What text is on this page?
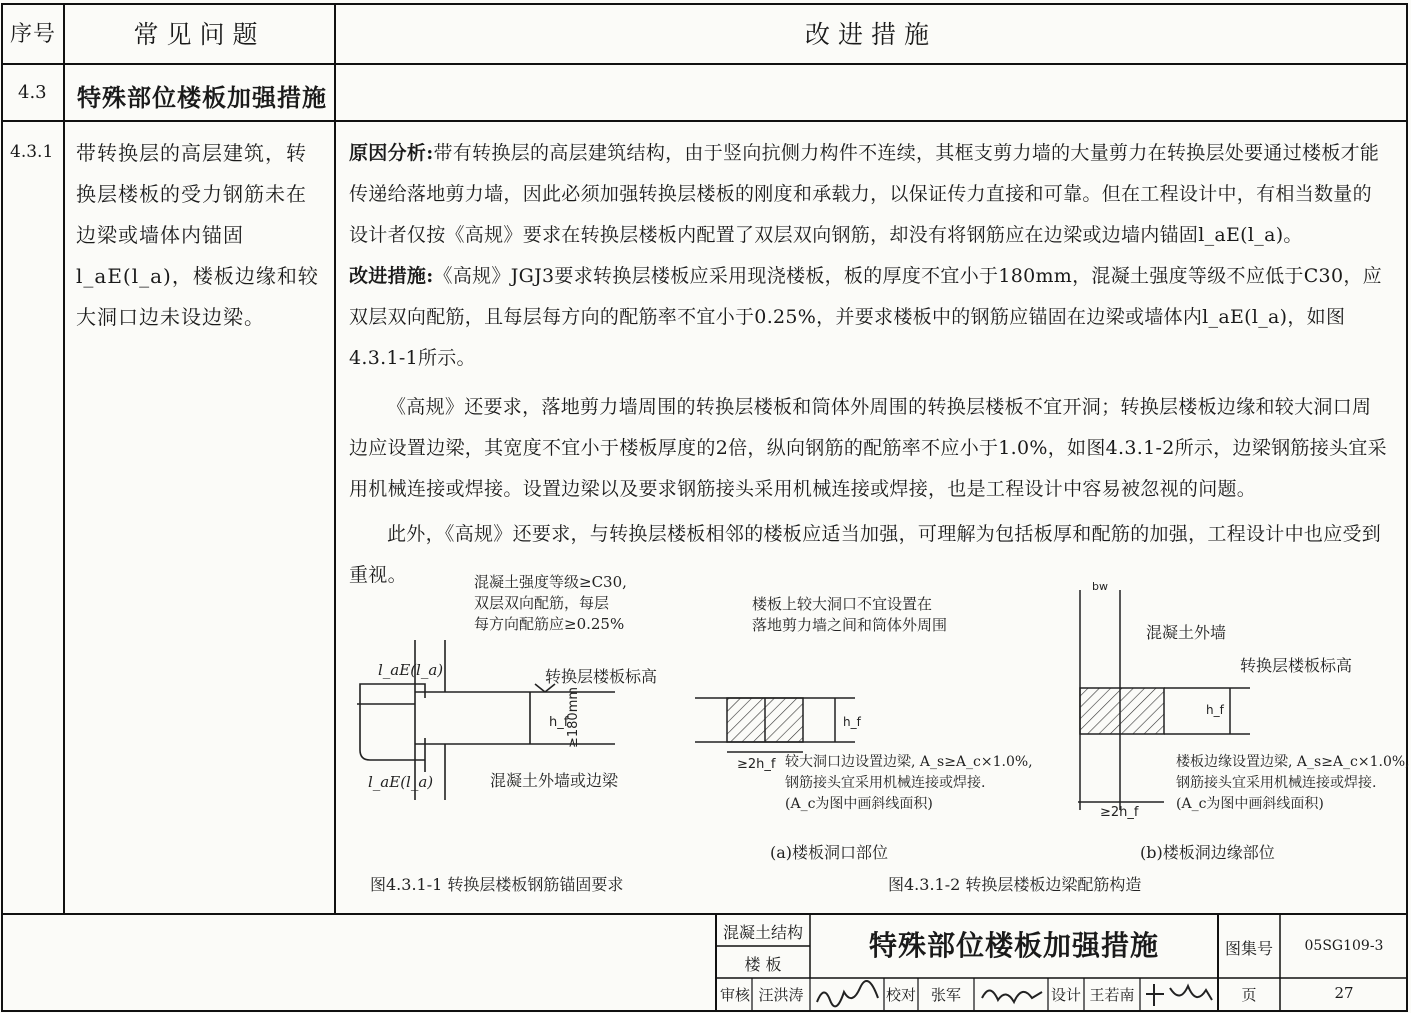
序号	常见问题	改进措施
4.3 特殊部位楼板加强措施
4.3.1 带转换层的高层建筑，转换层楼板的受力钢筋未在边梁或墙体内锚固l_aE(l_a)，楼板边缘和较大洞口边未设边梁。

原因分析:带有转换层的高层建筑结构，由于竖向抗侧力构件不连续，其框支剪力墙的大量剪力在转换层处要通过楼板才能传递给落地剪力墙，因此必须加强转换层楼板的刚度和承载力，以保证传力直接和可靠。但在工程设计中，有相当数量的设计者仅按《高规》要求在转换层楼板内配置了双层双向钢筋，却没有将钢筋应在边梁或边墙内锚固l_aE(l_a)。

改进措施:《高规》JGJ3要求转换层楼板应采用现浇楼板，板的厚度不宜小于180mm，混凝土强度等级不应低于C30，应双层双向配筋，且每层每方向的配筋率不宜小于0.25%，并要求楼板中的钢筋应锚固在边梁或墙体内l_aE(l_a)，如图4.3.1-1所示。

《高规》还要求，落地剪力墙周围的转换层楼板和筒体外周围的转换层楼板不宜开洞；转换层楼板边缘和较大洞口周边应设置边梁，其宽度不宜小于楼板厚度的2倍，纵向钢筋的配筋率不应小于1.0%，如图4.3.1-2所示，边梁钢筋接头宜采用机械连接或焊接。设置边梁以及要求钢筋接头采用机械连接或焊接，也是工程设计中容易被忽视的问题。

此外，《高规》还要求，与转换层楼板相邻的楼板应适当加强，可理解为包括板厚和配筋的加强，工程设计中也应受到重视。

h_f
≥180mm
混凝土强度等级≥C30,
双层双向配筋，每层
每方向配筋应≥0.25%
l_aE(l_a)
l_aE(l_a)
转换层楼板标高
混凝土外墙或边梁
图4.3.1-1 转换层楼板钢筋锚固要求
h_f
≥2h_f
楼板上较大洞口不宜设置在
落地剪力墙之间和筒体外周围
较大洞口边设置边梁, A_s≥A_c×1.0%,
钢筋接头宜采用机械连接或焊接.
(A_c为图中画斜线面积)
(a)楼板洞口部位
bw
h_f
≥2h_f
混凝土外墙
转换层楼板标高
楼板边缘设置边梁, A_s≥A_c×1.0%,
钢筋接头宜采用机械连接或焊接.
(A_c为图中画斜线面积)
(b)楼板洞边缘部位
图4.3.1-2 转换层楼板边梁配筋构造
混凝土结构
楼 板
特殊部位楼板加强措施	图集号	05SG109-3
审核 汪洪涛	校对 张军	设计 王若南	页	27
